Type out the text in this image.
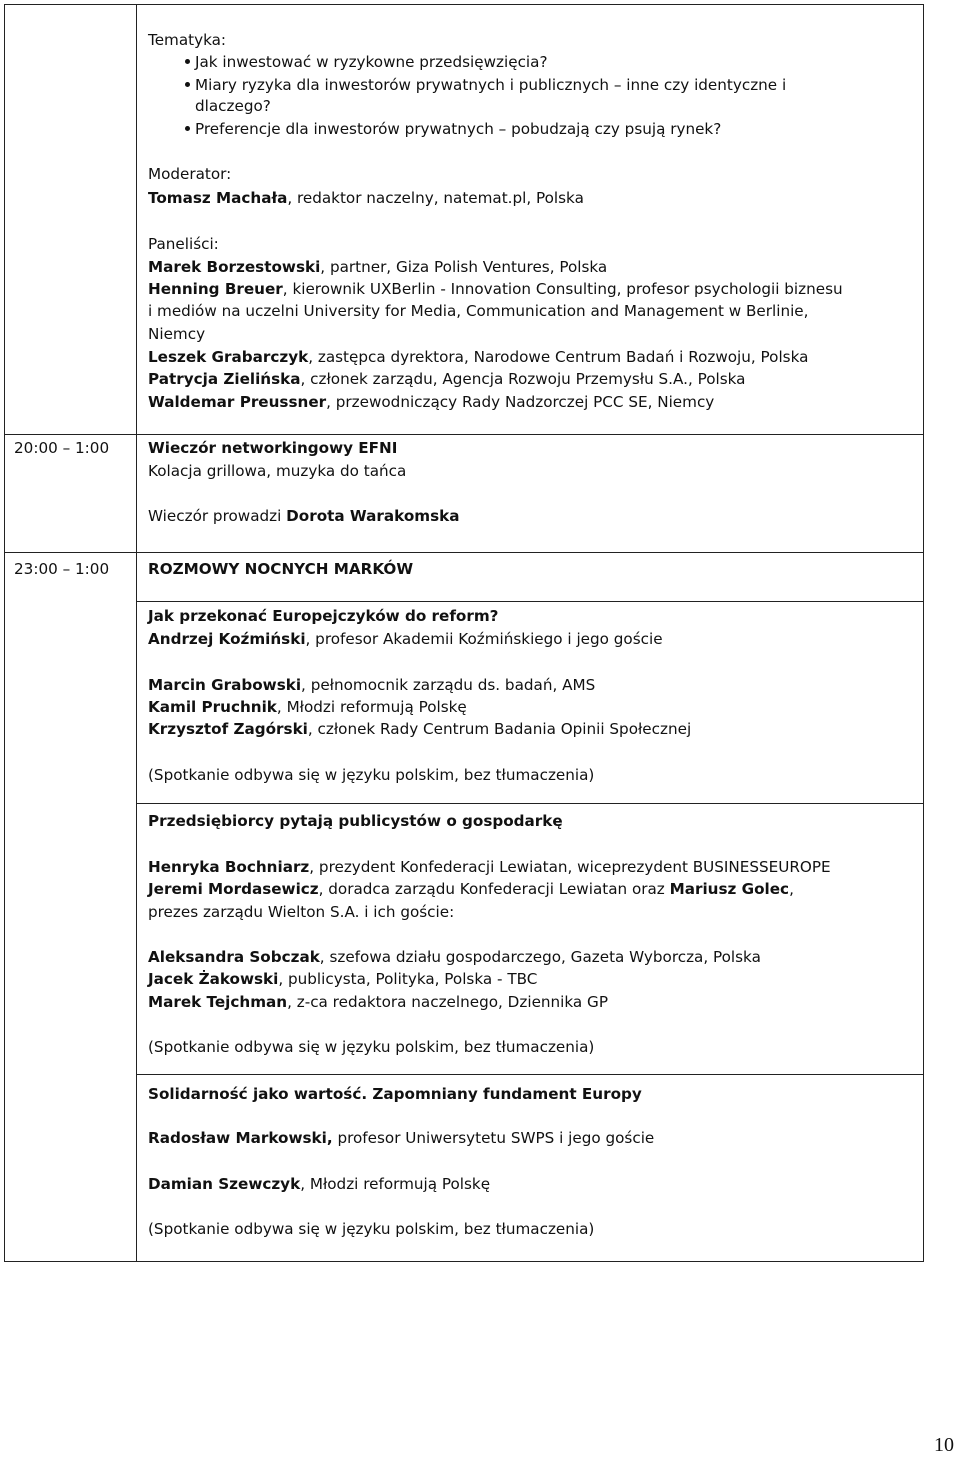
Tematyka:
Jak inwestować w ryzykowne przedsięwzięcia?
Miary ryzyka dla inwestorów prywatnych i publicznych – inne czy identyczne i
dlaczego?
Preferencje dla inwestorów prywatnych – pobudzają czy psują rynek?
Moderator:
Tomasz Machała, redaktor naczelny, natemat.pl, Polska
Paneliści:
Marek Borzestowski, partner, Giza Polish Ventures, Polska
Henning Breuer, kierownik UXBerlin - Innovation Consulting, profesor psychologii biznesu
i mediów na uczelni University for Media, Communication and Management w Berlinie,
Niemcy
Leszek Grabarczyk, zastępca dyrektora, Narodowe Centrum Badań i Rozwoju, Polska
Patrycja Zielińska, członek zarządu, Agencja Rozwoju Przemysłu S.A., Polska
Waldemar Preussner, przewodniczący Rady Nadzorczej PCC SE, Niemcy
20:00 – 1:00	Wieczór networkingowy EFNI
Kolacja grillowa, muzyka do tańca
Wieczór prowadzi Dorota Warakomska
23:00 – 1:00	ROZMOWY NOCNYCH MARKÓW
Jak przekonać Europejczyków do reform?
Andrzej Koźmiński, profesor Akademii Koźmińskiego i jego goście
Marcin Grabowski, pełnomocnik zarządu ds. badań, AMS
Kamil Pruchnik, Młodzi reformują Polskę
Krzysztof Zagórski, członek Rady Centrum Badania Opinii Społecznej
(Spotkanie odbywa się w języku polskim, bez tłumaczenia)
Przedsiębiorcy pytają publicystów o gospodarkę
Henryka Bochniarz, prezydent Konfederacji Lewiatan, wiceprezydent BUSINESSEUROPE
Jeremi Mordasewicz, doradca zarządu Konfederacji Lewiatan oraz Mariusz Golec,
prezes zarządu Wielton S.A. i ich goście:
Aleksandra Sobczak, szefowa działu gospodarczego, Gazeta Wyborcza, Polska
Jacek Żakowski, publicysta, Polityka, Polska - TBC
Marek Tejchman, z-ca redaktora naczelnego, Dziennika GP
(Spotkanie odbywa się w języku polskim, bez tłumaczenia)
Solidarność jako wartość. Zapomniany fundament Europy
Radosław Markowski, profesor Uniwersytetu SWPS i jego goście
Damian Szewczyk, Młodzi reformują Polskę
(Spotkanie odbywa się w języku polskim, bez tłumaczenia)
10
